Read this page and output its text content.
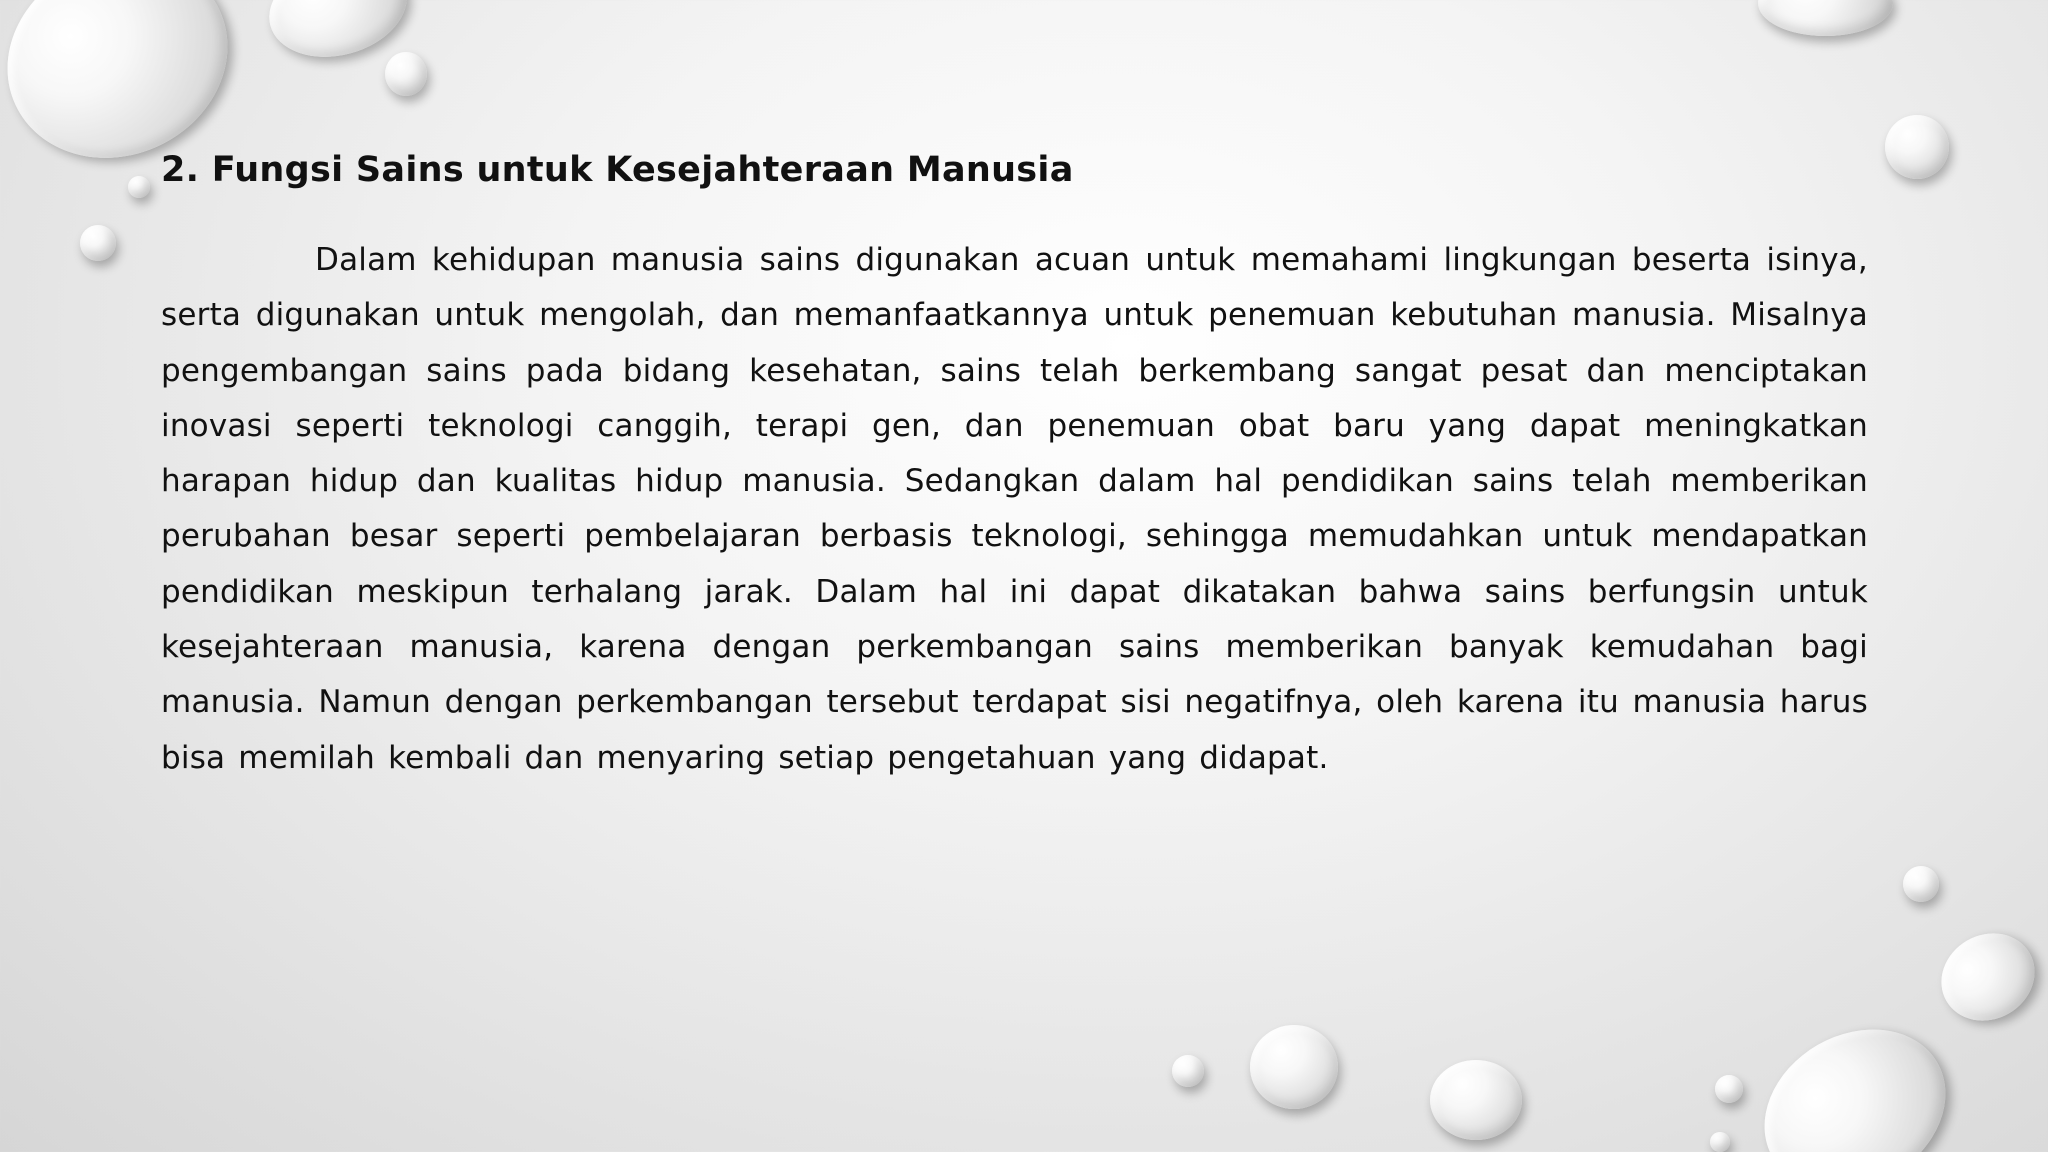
2. Fungsi Sains untuk Kesejahteraan Manusia

Dalam kehidupan manusia sains digunakan acuan untuk memahami lingkungan beserta isinya, serta digunakan untuk mengolah, dan memanfaatkannya untuk penemuan kebutuhan manusia. Misalnya pengembangan sains pada bidang kesehatan, sains telah berkembang sangat pesat dan menciptakan inovasi seperti teknologi canggih, terapi gen, dan penemuan obat baru yang dapat meningkatkan harapan hidup dan kualitas hidup manusia. Sedangkan dalam hal pendidikan sains telah memberikan perubahan besar seperti pembelajaran berbasis teknologi, sehingga memudahkan untuk mendapatkan pendidikan meskipun terhalang jarak. Dalam hal ini dapat dikatakan bahwa sains berfungsin untuk kesejahteraan manusia, karena dengan perkembangan sains memberikan banyak kemudahan bagi manusia. Namun dengan perkembangan tersebut terdapat sisi negatifnya, oleh karena itu manusia harus bisa memilah kembali dan menyaring setiap pengetahuan yang didapat.
